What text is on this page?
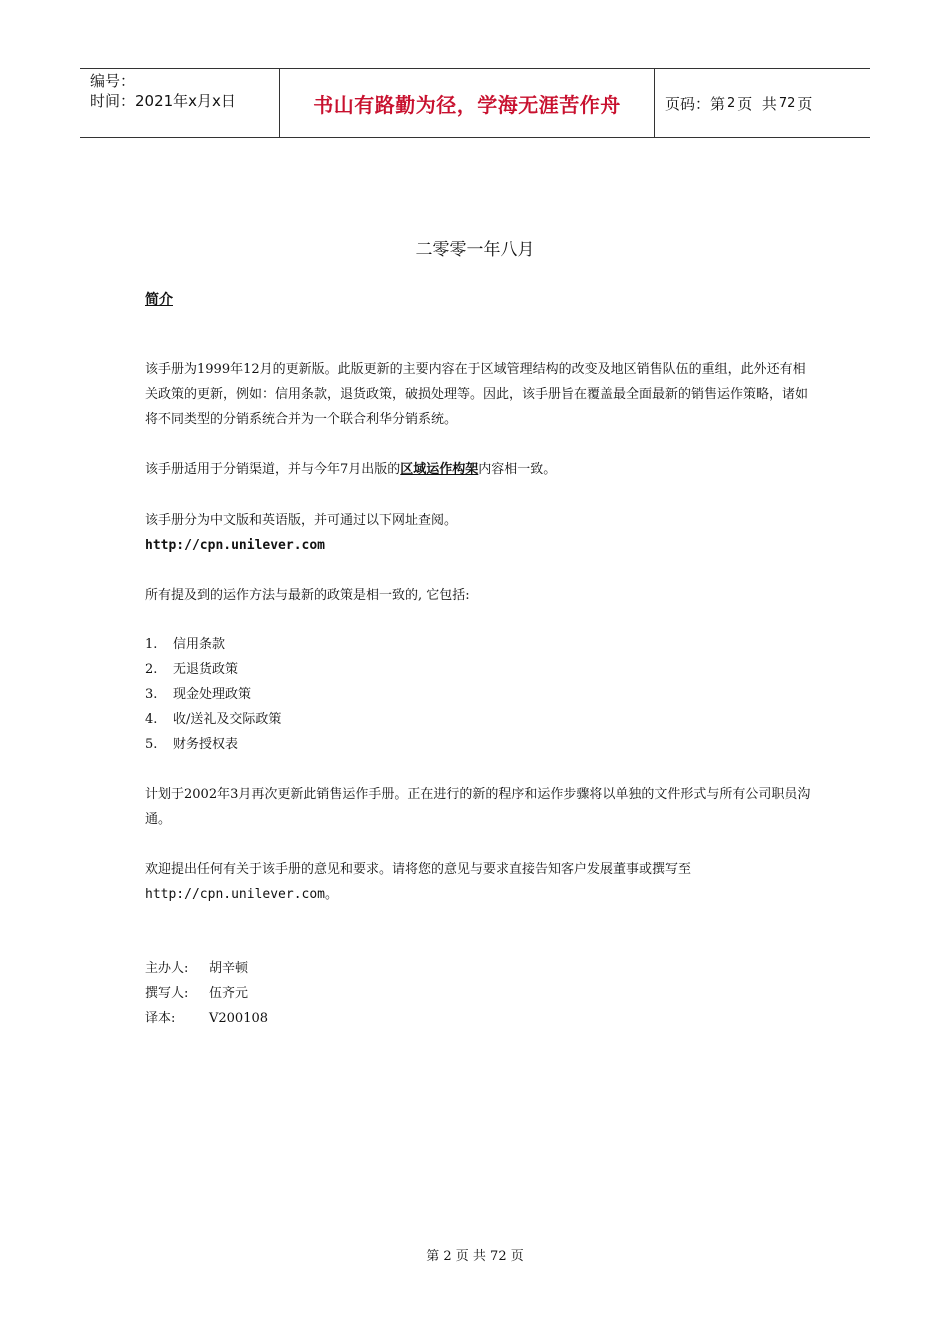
编号：
时间：2021年x月x日	书山有路勤为径，学海无涯苦作舟	页码：第 2 页  共 72 页
二零零一年八月
简介
该手册为1999年12月的更新版。此版更新的主要内容在于区域管理结构的改变及地区销售队伍的重组，此外还有相关政策的更新，例如：信用条款，退货政策，破损处理等。因此，该手册旨在覆盖最全面最新的销售运作策略，诸如将不同类型的分销系统合并为一个联合利华分销系统。
该手册适用于分销渠道，并与今年7月出版的区域运作构架内容相一致。
该手册分为中文版和英语版，并可通过以下网址查阅。
http://cpn.unilever.com
所有提及到的运作方法与最新的政策是相一致的, 它包括:
1.	信用条款
2.	无退货政策
3.	现金处理政策
4.	收/送礼及交际政策
5.	财务授权表
计划于2002年3月再次更新此销售运作手册。正在进行的新的程序和运作步骤将以单独的文件形式与所有公司职员沟通。
欢迎提出任何有关于该手册的意见和要求。请将您的意见与要求直接告知客户发展董事或撰写至
http://cpn.unilever.com。
主办人:	胡辛顿
撰写人:	伍齐元
译本:	V200108
第 2 页 共 72 页
